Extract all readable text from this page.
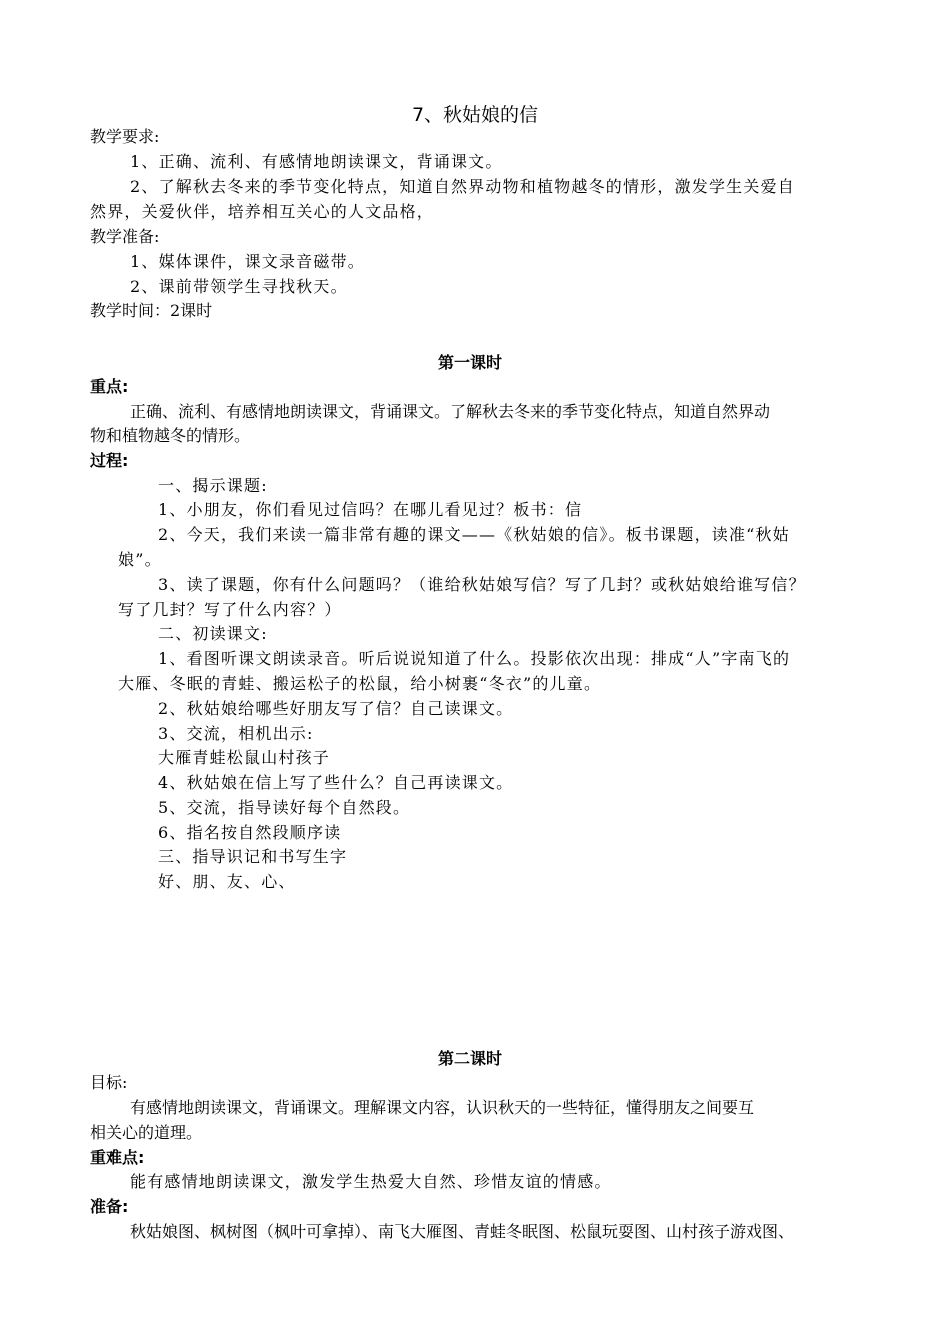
7、秋姑娘的信
教学要求:
1、正确、流利、有感情地朗读课文，背诵课文。
2、了解秋去冬来的季节变化特点，知道自然界动物和植物越冬的情形，激发学生关爱自
然界，关爱伙伴，培养相互关心的人文品格，
教学准备:
1、媒体课件，课文录音磁带。
2、课前带领学生寻找秋天。
教学时间：2课时
第一课时
重点:
正确、流利、有感情地朗读课文，背诵课文。了解秋去冬来的季节变化特点，知道自然界动
物和植物越冬的情形。
过程:
一、揭示课题:
1、小朋友，你们看见过信吗？在哪儿看见过？板书：信
2、今天，我们来读一篇非常有趣的课文——《秋姑娘的信》。板书课题，读准“秋姑
娘”。
3、读了课题，你有什么问题吗？（谁给秋姑娘写信？写了几封？或秋姑娘给谁写信？
写了几封？写了什么内容？）
二、初读课文:
1、看图听课文朗读录音。听后说说知道了什么。投影依次出现：排成“人”字南飞的
大雁、冬眠的青蛙、搬运松子的松鼠，给小树裹“冬衣”的儿童。
2、秋姑娘给哪些好朋友写了信？自己读课文。
3、交流，相机出示:
大雁青蛙松鼠山村孩子
4、秋姑娘在信上写了些什么？自己再读课文。
5、交流，指导读好每个自然段。
6、指名按自然段顺序读
三、指导识记和书写生字
好、朋、友、心、
第二课时
目标:
有感情地朗读课文，背诵课文。理解课文内容，认识秋天的一些特征，懂得朋友之间要互
相关心的道理。
重难点:
能有感情地朗读课文，激发学生热爱大自然、珍惜友谊的情感。
准备:
秋姑娘图、枫树图（枫叶可拿掉）、南飞大雁图、青蛙冬眠图、松鼠玩耍图、山村孩子游戏图、
